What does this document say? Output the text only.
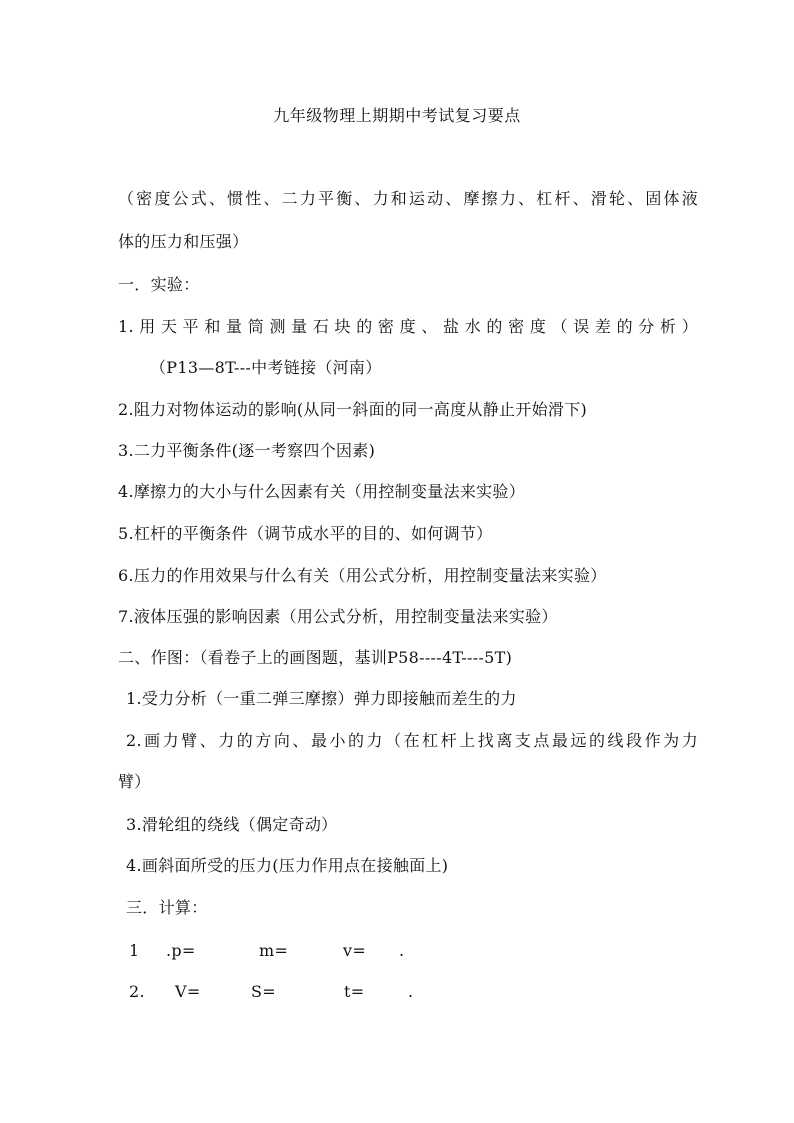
九年级物理上期期中考试复习要点
（密度公式、惯性、二力平衡、力和运动、摩擦力、杠杆、滑轮、固体液
体的压力和压强）
一．实验：
1.用天平和量筒测量石块的密度、盐水的密度（误差的分析）
（P13—8T---中考链接（河南）
2.阻力对物体运动的影响(从同一斜面的同一高度从静止开始滑下)
3.二力平衡条件(逐一考察四个因素)
4.摩擦力的大小与什么因素有关（用控制变量法来实验）
5.杠杆的平衡条件（调节成水平的目的、如何调节）
6.压力的作用效果与什么有关（用公式分析，用控制变量法来实验）
7.液体压强的影响因素（用公式分析，用控制变量法来实验）
二、作图：（看卷子上的画图题，基训P58----4T----5T)
1.受力分析（一重二弹三摩擦）弹力即接触而差生的力
2.画力臂、力的方向、最小的力（在杠杆上找离支点最远的线段作为力
臂）
3.滑轮组的绕线（偶定奇动）
4.画斜面所受的压力(压力作用点在接触面上)
三．计算：
1 .p=	m=	v= .
2. V=	S=	t=	.
